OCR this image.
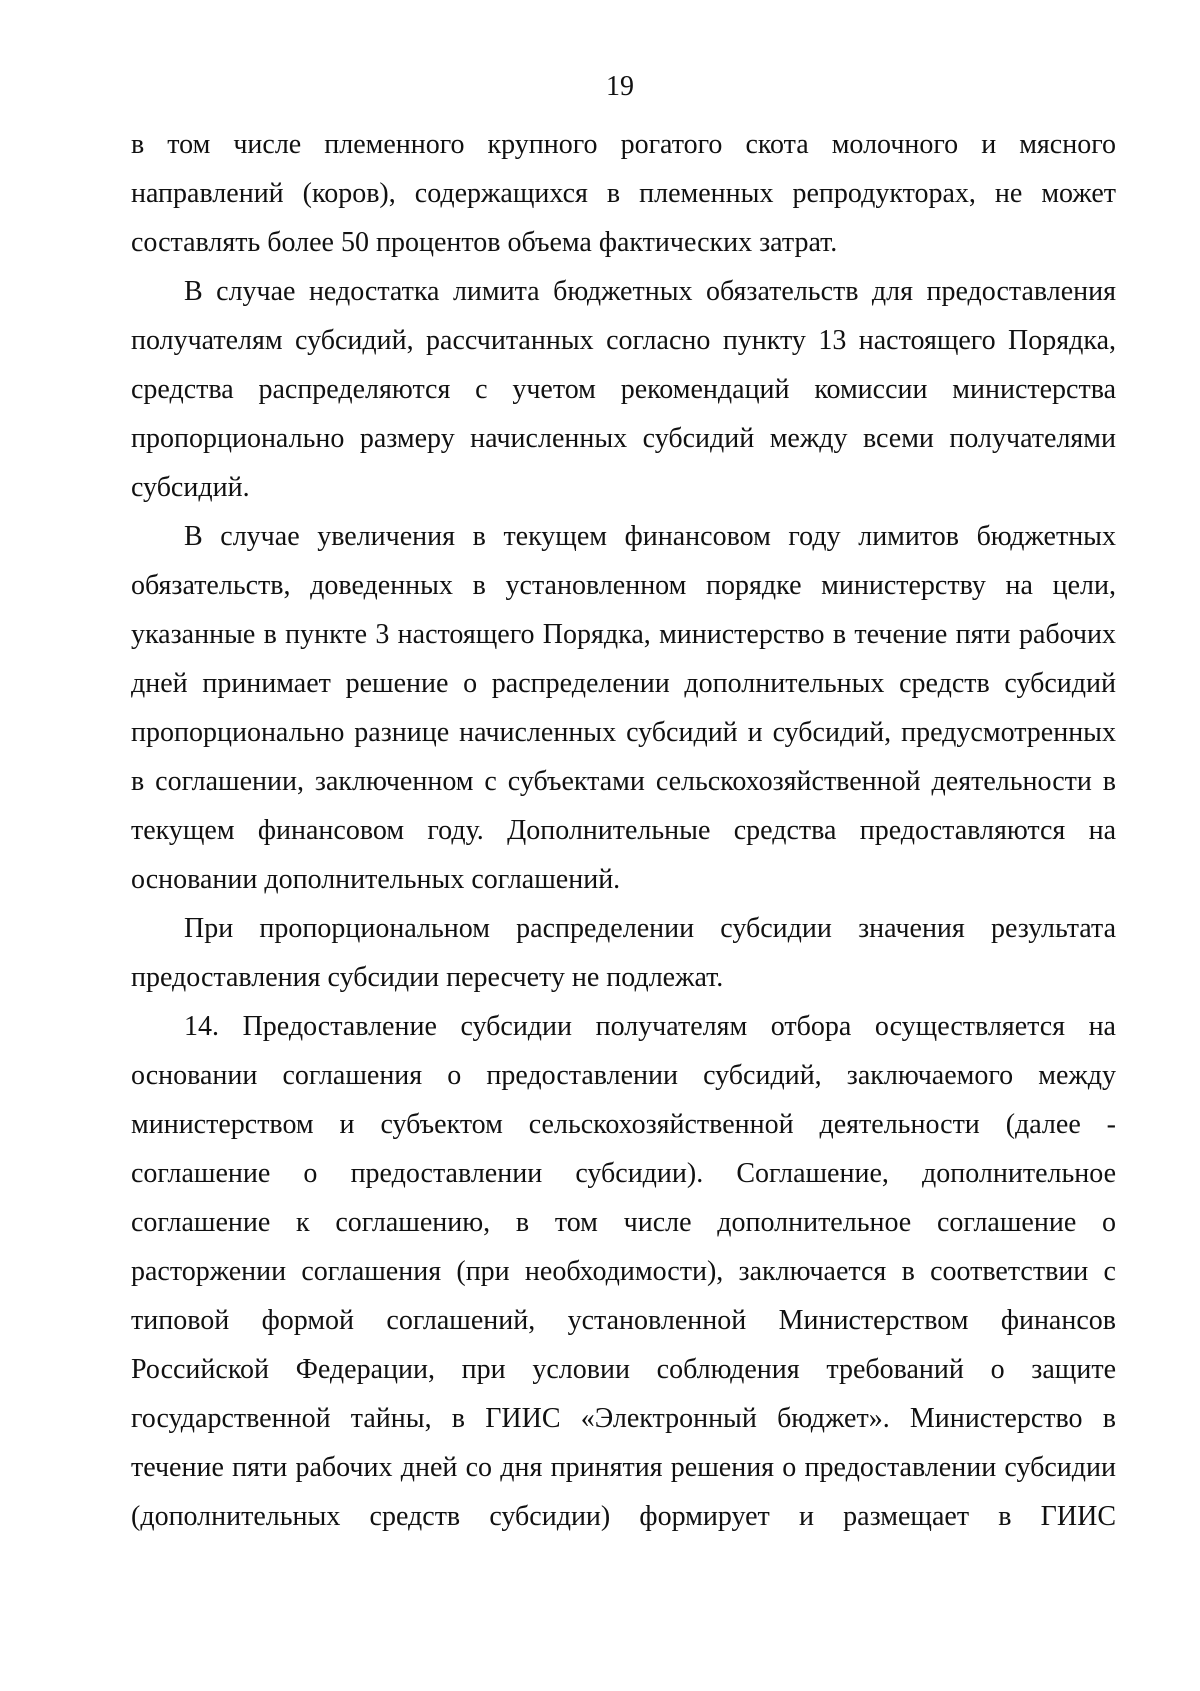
19

в том числе племенного крупного рогатого скота молочного и мясного направлений (коров), содержащихся в племенных репродукторах, не может составлять более 50 процентов объема фактических затрат.

В случае недостатка лимита бюджетных обязательств для предоставления получателям субсидий, рассчитанных согласно пункту 13 настоящего Порядка, средства распределяются с учетом рекомендаций комиссии министерства пропорционально размеру начисленных субсидий между всеми получателями субсидий.

В случае увеличения в текущем финансовом году лимитов бюджетных обязательств, доведенных в установленном порядке министерству на цели, указанные в пункте 3 настоящего Порядка, министерство в течение пяти рабочих дней принимает решение о распределении дополнительных средств субсидий пропорционально разнице начисленных субсидий и субсидий, предусмотренных в соглашении, заключенном с субъектами сельскохозяйственной деятельности в текущем финансовом году. Дополнительные средства предоставляются на основании дополнительных соглашений.

При пропорциональном распределении субсидии значения результата предоставления субсидии пересчету не подлежат.

14. Предоставление субсидии получателям отбора осуществляется на основании соглашения о предоставлении субсидий, заключаемого между министерством и субъектом сельскохозяйственной деятельности (далее - соглашение о предоставлении субсидии). Соглашение, дополнительное соглашение к соглашению, в том числе дополнительное соглашение о расторжении соглашения (при необходимости), заключается в соответствии с типовой формой соглашений, установленной Министерством финансов Российской Федерации, при условии соблюдения требований о защите государственной тайны, в ГИИС «Электронный бюджет». Министерство в течение пяти рабочих дней со дня принятия решения о предоставлении субсидии (дополнительных средств субсидии) формирует и размещает в ГИИС
